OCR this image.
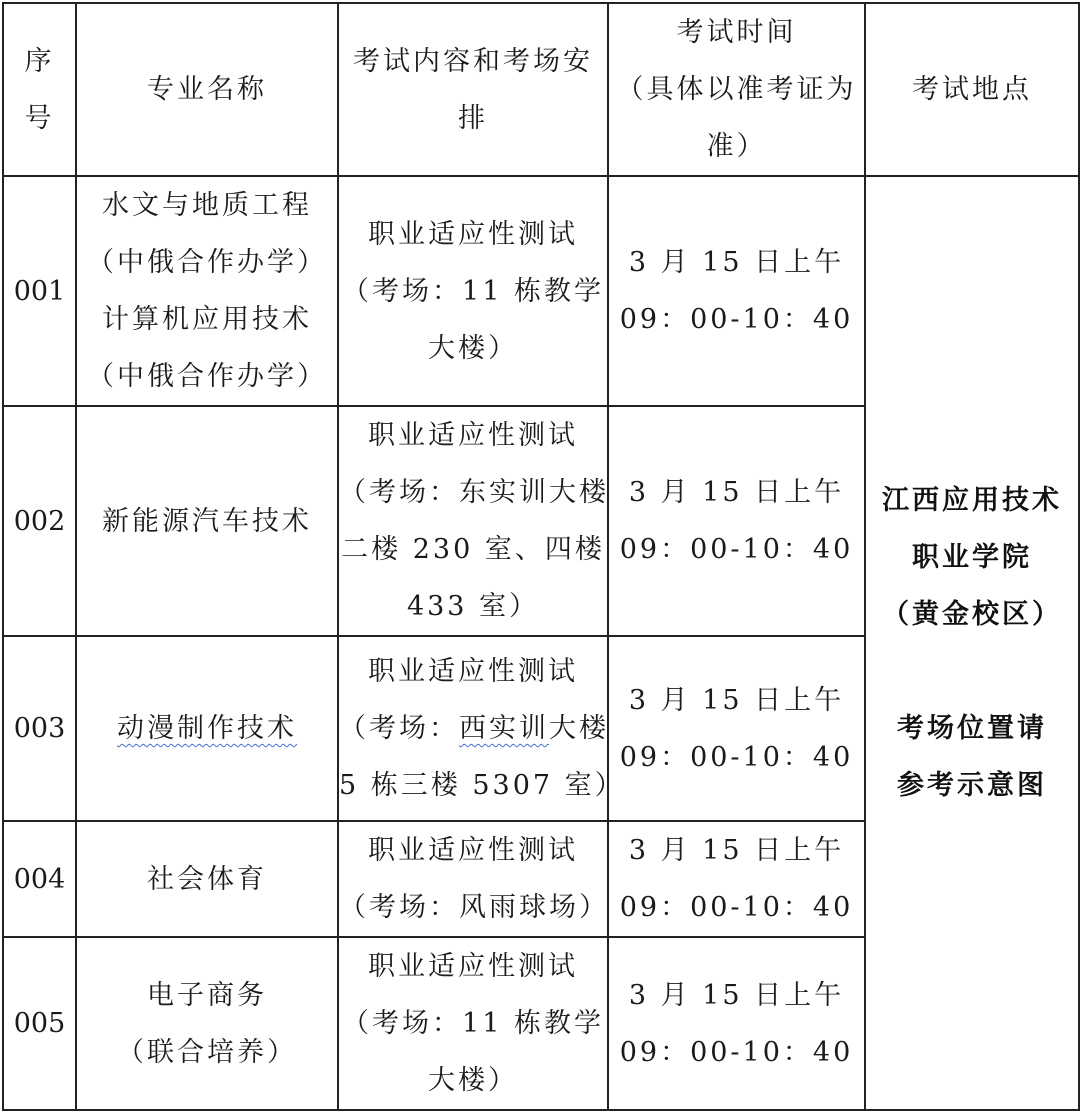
序
号	专业名称	考试内容和考场安
排	考试时间
（具体以准考证为
准）	考试地点

001	水文与地质工程
（中俄合作办学）
计算机应用技术
（中俄合作办学）	职业适应性测试
（考场：11 栋教学
大楼）	3 月 15 日上午
09：00-10：40	江西应用技术
职业学院
（黄金校区）
考场位置请
参考示意图

002	新能源汽车技术	职业适应性测试
（考场：东实训大楼
二楼 230 室、四楼
433 室）	3 月 15 日上午
09：00-10：40	

003	动漫制作技术	职业适应性测试
（考场：西实训大楼
5 栋三楼 5307 室）	3 月 15 日上午
09：00-10：40	

004	社会体育	职业适应性测试
（考场：风雨球场）	3 月 15 日上午
09：00-10：40	

005	电子商务
（联合培养）	职业适应性测试
（考场：11 栋教学
大楼）	3 月 15 日上午
09：00-10：40	
